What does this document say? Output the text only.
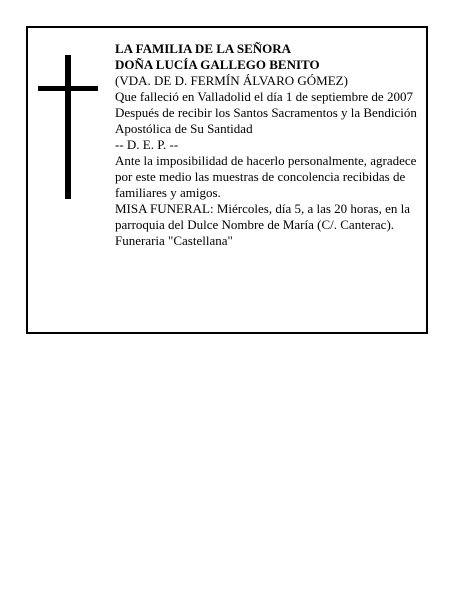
LA FAMILIA DE LA SEÑORA
DOÑA LUCÍA GALLEGO BENITO
(VDA. DE D. FERMÍN ÁLVARO GÓMEZ)
Que falleció en Valladolid el día 1 de septiembre de 2007
Después de recibir los Santos Sacramentos y la Bendición Apostólica de Su Santidad
-- D. E. P. --
Ante la imposibilidad de hacerlo personalmente, agradece por este medio las muestras de concolencia recibidas de familiares y amigos.
MISA FUNERAL: Miércoles, día 5, a las 20 horas, en la parroquia del Dulce Nombre de María (C/. Canterac).
Funeraria "Castellana"
